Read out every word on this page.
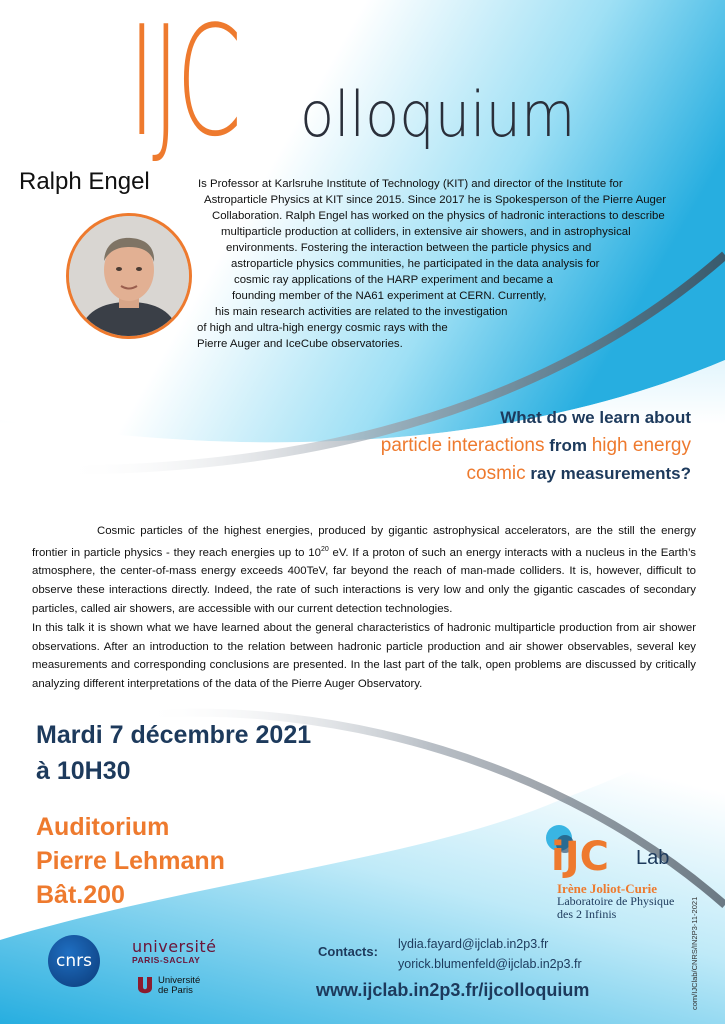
IJC olloquium
Ralph Engel	Is Professor at Karlsruhe Institute of Technology (KIT) and director of the Institute for
Astroparticle Physics at KIT since 2015. Since 2017 he is Spokesperson of the Pierre Auger
Collaboration. Ralph Engel has worked on the physics of hadronic interactions to describe
multiparticle production at colliders, in extensive air showers, and in astrophysical
environments. Fostering the interaction between the particle physics and
astroparticle physics communities, he participated in the data analysis for
cosmic ray applications of the HARP experiment and became a
founding member of the NA61 experiment at CERN. Currently,
his main research activities are related to the investigation
of high and ultra-high energy cosmic rays with the
Pierre Auger and IceCube observatories.
What do we learn about
particle interactions from high energy
cosmic ray measurements?

Cosmic particles of the highest energies, produced by gigantic astrophysical accelerators, are the still the energy frontier in particle physics - they reach energies up to $10^{20}$ eV. If a proton of such an energy interacts with a nucleus in the Earth’s atmosphere, the center-of-mass energy exceeds 400TeV, far beyond the reach of man-made colliders. It is, however, difficult to observe these interactions directly. Indeed, the rate of such interactions is very low and only the gigantic cascades of secondary particles, called air showers, are accessible with our current detection technologies.

In this talk it is shown what we have learned about the general characteristics of hadronic multiparticle production from air shower observations. After an introduction to the relation between hadronic particle production and air shower observables, several key measurements and corresponding conclusions are presented. In the last part of the talk, open problems are discussed by critically analyzing different interpretations of the data of the Pierre Auger Observatory.

Mardi 7 décembre 2021
à 10H30
Auditorium
Pierre Lehmann
Bât.200
iJC Lab
Irène Joliot-Curie
Laboratoire de Physique
des 2 Infinis	com/IJClab/CNRS/IN2P3-11-2021
cnrs
université
PARIS-SACLAY
Université
de Paris
Contacts: lydia.fayard@ijclab.in2p3.fr
yorick.blumenfeld@ijclab.in2p3.fr
www.ijclab.in2p3.fr/ijcolloquium
